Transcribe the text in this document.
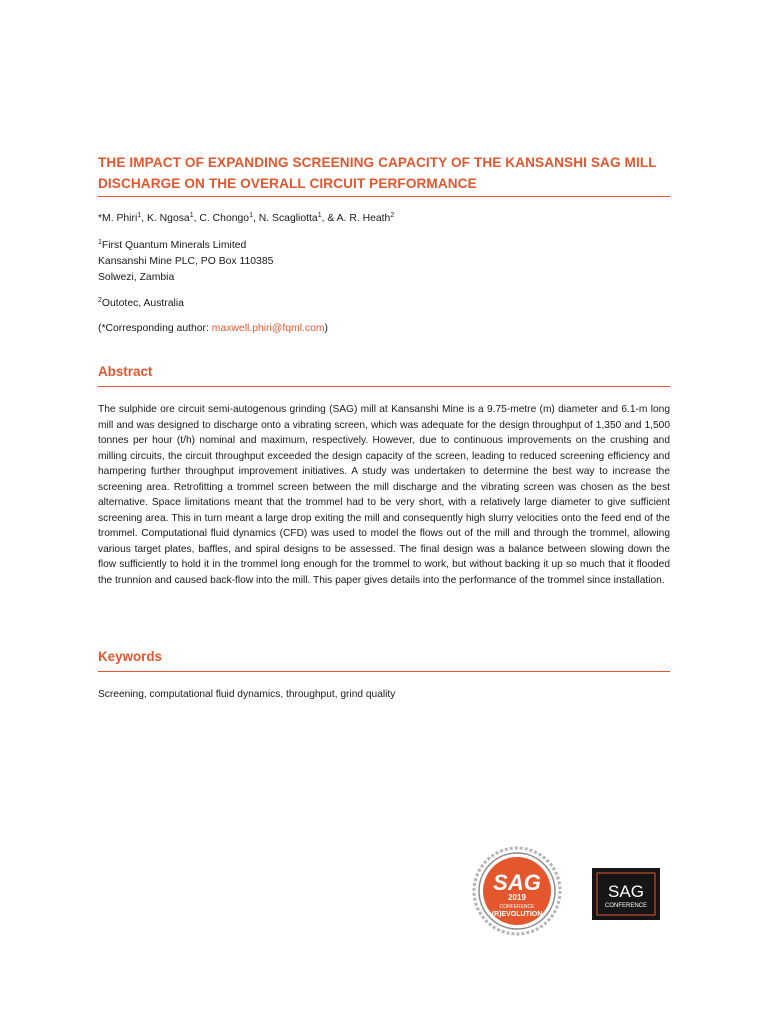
THE IMPACT OF EXPANDING SCREENING CAPACITY OF THE KANSANSHI SAG MILL DISCHARGE ON THE OVERALL CIRCUIT PERFORMANCE
*M. Phiri$^1$, K. Ngosa$^1$, C. Chongo$^1$, N. Scagliotta$^1$, & A. R. Heath$^2$
$^1$First Quantum Minerals Limited
Kansanshi Mine PLC, PO Box 110385
Solwezi, Zambia
$^2$Outotec, Australia
(*Corresponding author: maxwell.phiri@fqml.com)
Abstract

The sulphide ore circuit semi-autogenous grinding (SAG) mill at Kansanshi Mine is a 9.75-metre (m) diameter and 6.1-m long mill and was designed to discharge onto a vibrating screen, which was adequate for the design throughput of 1,350 and 1,500 tonnes per hour (t/h) nominal and maximum, respectively. However, due to continuous improvements on the crushing and milling circuits, the circuit throughput exceeded the design capacity of the screen, leading to reduced screening efficiency and hampering further throughput improvement initiatives. A study was undertaken to determine the best way to increase the screening area. Retrofitting a trommel screen between the mill discharge and the vibrating screen was chosen as the best alternative. Space limitations meant that the trommel had to be very short, with a relatively large diameter to give sufficient screening area. This in turn meant a large drop exiting the mill and consequently high slurry velocities onto the feed end of the trommel. Computational fluid dynamics (CFD) was used to model the flows out of the mill and through the trommel, allowing various target plates, baffles, and spiral designs to be assessed. The final design was a balance between slowing down the flow sufficiently to hold it in the trommel long enough for the trommel to work, but without backing it up so much that it flooded the trunnion and caused back-flow into the mill. This paper gives details into the performance of the trommel since installation.

Keywords

Screening, computational fluid dynamics, throughput, grind quality

SAG
2019
CONFERENCE
(R)EVOLUTION
SAG
CONFERENCE
